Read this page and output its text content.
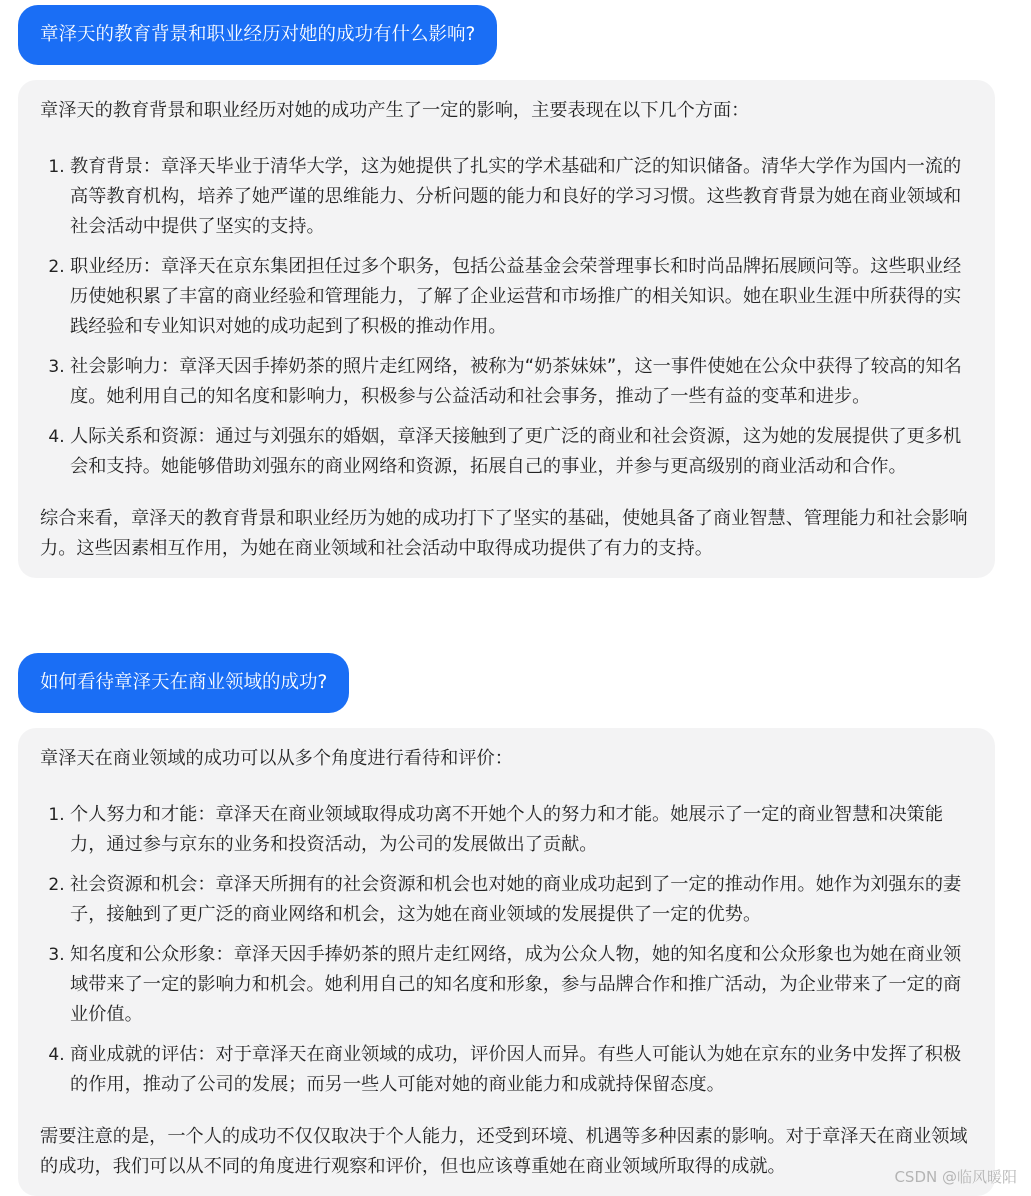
章泽天的教育背景和职业经历对她的成功有什么影响?

章泽天的教育背景和职业经历对她的成功产生了一定的影响，主要表现在以下几个方面：

1. 教育背景：章泽天毕业于清华大学，这为她提供了扎实的学术基础和广泛的知识储备。清华大学作为国内一流的高等教育机构，培养了她严谨的思维能力、分析问题的能力和良好的学习习惯。这些教育背景为她在商业领域和社会活动中提供了坚实的支持。
2. 职业经历：章泽天在京东集团担任过多个职务，包括公益基金会荣誉理事长和时尚品牌拓展顾问等。这些职业经历使她积累了丰富的商业经验和管理能力，了解了企业运营和市场推广的相关知识。她在职业生涯中所获得的实践经验和专业知识对她的成功起到了积极的推动作用。
3. 社会影响力：章泽天因手捧奶茶的照片走红网络，被称为“奶茶妹妹”，这一事件使她在公众中获得了较高的知名度。她利用自己的知名度和影响力，积极参与公益活动和社会事务，推动了一些有益的变革和进步。
4. 人际关系和资源：通过与刘强东的婚姻，章泽天接触到了更广泛的商业和社会资源，这为她的发展提供了更多机会和支持。她能够借助刘强东的商业网络和资源，拓展自己的事业，并参与更高级别的商业活动和合作。

综合来看，章泽天的教育背景和职业经历为她的成功打下了坚实的基础，使她具备了商业智慧、管理能力和社会影响力。这些因素相互作用，为她在商业领域和社会活动中取得成功提供了有力的支持。

如何看待章泽天在商业领域的成功?

章泽天在商业领域的成功可以从多个角度进行看待和评价：

1. 个人努力和才能：章泽天在商业领域取得成功离不开她个人的努力和才能。她展示了一定的商业智慧和决策能力，通过参与京东的业务和投资活动，为公司的发展做出了贡献。
2. 社会资源和机会：章泽天所拥有的社会资源和机会也对她的商业成功起到了一定的推动作用。她作为刘强东的妻子，接触到了更广泛的商业网络和机会，这为她在商业领域的发展提供了一定的优势。
3. 知名度和公众形象：章泽天因手捧奶茶的照片走红网络，成为公众人物，她的知名度和公众形象也为她在商业领域带来了一定的影响力和机会。她利用自己的知名度和形象，参与品牌合作和推广活动，为企业带来了一定的商业价值。
4. 商业成就的评估：对于章泽天在商业领域的成功，评价因人而异。有些人可能认为她在京东的业务中发挥了积极的作用，推动了公司的发展；而另一些人可能对她的商业能力和成就持保留态度。

需要注意的是，一个人的成功不仅仅取决于个人能力，还受到环境、机遇等多种因素的影响。对于章泽天在商业领域的成功，我们可以从不同的角度进行观察和评价，但也应该尊重她在商业领域所取得的成就。	CSDN @临风暖阳
